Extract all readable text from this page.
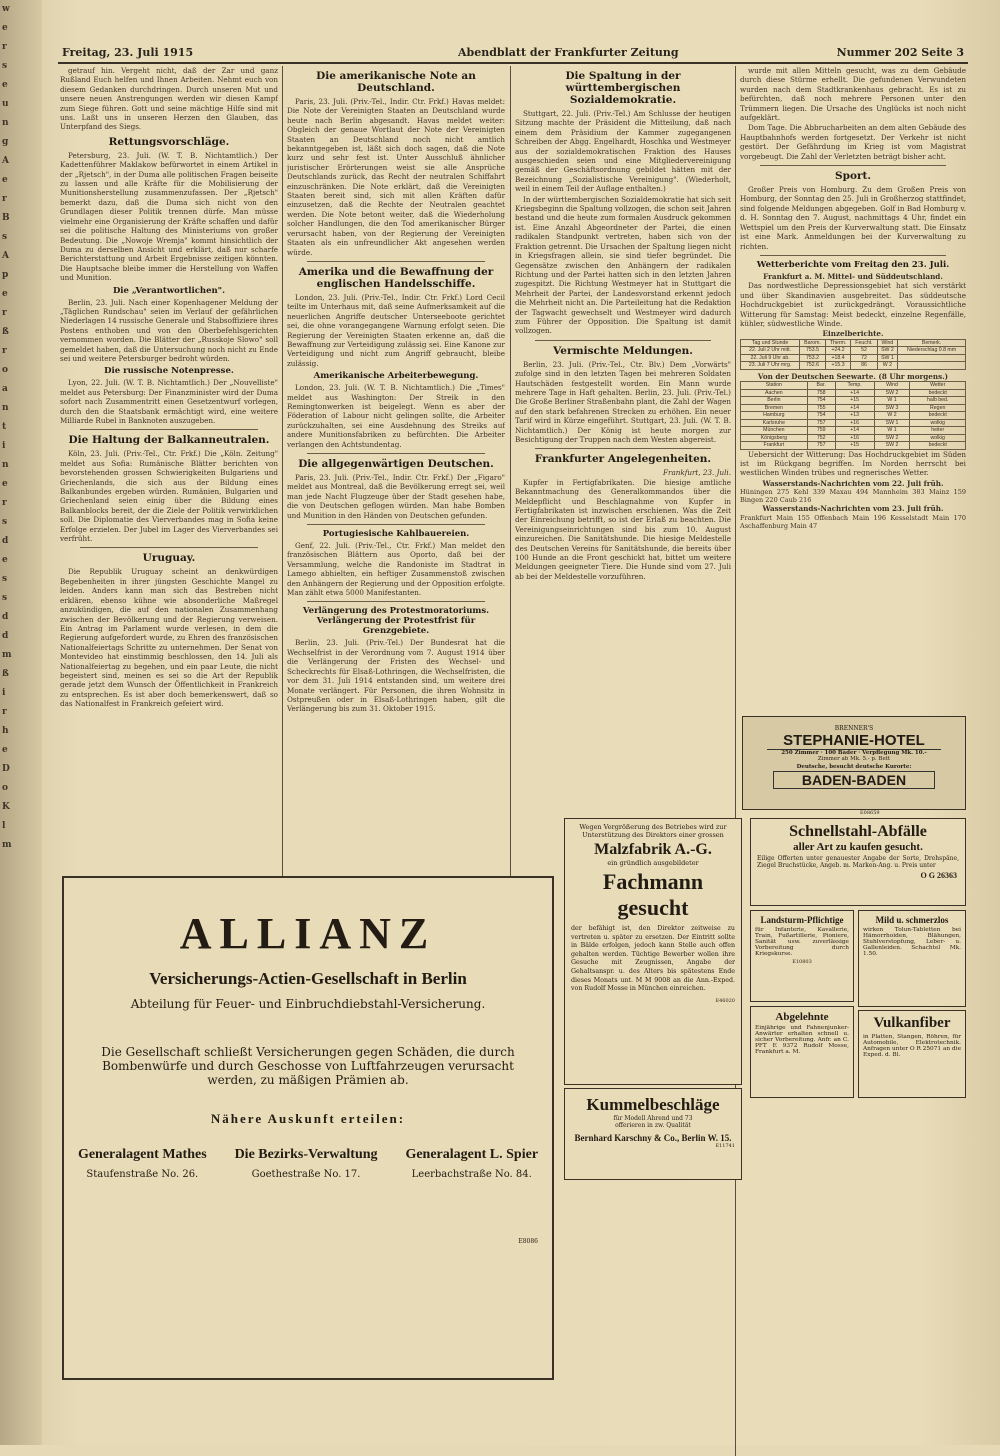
w
e
r
s
e
u
n
g
A
e
r
B
s
A
p
e
r
ß
r
o
a
n
t
i
n
e
r
s
d
e
s
s
d
d
m
ß
i
r
h
e
D
o
K
l
m
Freitag, 23. Juli 1915	Abendblatt der Frankfurter Zeitung	Nummer 202 Seite 3

getrauf hin. Vergeht nicht, daß der Zar und ganz Rußland Euch helfen und Ihnen Arbeiten. Nehmt euch von diesem Gedanken durchdringen. Durch unseren Mut und unsere neuen Anstrengungen werden wir diesen Kampf zum Siege führen. Gott und seine mächtige Hilfe sind mit uns. Laßt uns in unseren Herzen den Glauben, das Unterpfand des Siegs.

Rettungsvorschläge.

Petersburg, 23. Juli. (W. T. B. Nichtamtlich.) Der Kadettenführer Maklakow befürwortet in einem Artikel in der „Rjetsch", in der Duma alle politischen Fragen beiseite zu lassen und alle Kräfte für die Mobilisierung der Munitionsherstellung zusammenzufassen. Der „Rjetsch" bemerkt dazu, daß die Duma sich nicht von den Grundlagen dieser Politik trennen dürfe. Man müsse vielmehr eine Organisierung der Kräfte schaffen und dafür sei die politische Haltung des Ministeriums von großer Bedeutung. Die „Nowoje Wremja" kommt hinsichtlich der Duma zu derselben Ansicht und erklärt, daß nur scharfe Berichterstattung und Arbeit Ergebnisse zeitigen könnten. Die Hauptsache bleibe immer die Herstellung von Waffen und Munition.

Die „Verantwortlichen".

Berlin, 23. Juli. Nach einer Kopenhagener Meldung der „Täglichen Rundschau" seien im Verlauf der gefährlichen Niederlagen 14 russische Generale und Stabsoffiziere ihres Postens enthoben und von den Oberbefehlsgerichten vernommen worden. Die Blätter der „Russkoje Slowo" soll gemeldet haben, daß die Untersuchung noch nicht zu Ende sei und weitere Petersburger bedroht würden.

Die russische Notenpresse.

Lyon, 22. Juli. (W. T. B. Nichtamtlich.) Der „Nouvelliste" meldet aus Petersburg: Der Finanzminister wird der Duma sofort nach Zusammentritt einen Gesetzentwurf vorlegen, durch den die Staatsbank ermächtigt wird, eine weitere Milliarde Rubel in Banknoten auszugeben.

Die Haltung der Balkanneutralen.

Köln, 23. Juli. (Priv.-Tel., Ctr. Frkf.) Die „Köln. Zeitung" meldet aus Sofia: Rumänische Blätter berichten von bevorstehenden grossen Schwierigkeiten Bulgariens und Griechenlands, die sich aus der Bildung eines Balkanbundes ergeben würden. Rumänien, Bulgarien und Griechenland seien einig über die Bildung eines Balkanblocks bereit, der die Ziele der Politik verwirklichen soll. Die Diplomatie des Vierverbandes mag in Sofia keine Erfolge erzielen. Der Jubel im Lager des Vierverbandes sei verfrüht.

Uruguay.

Die Republik Uruguay scheint an denkwürdigen Begebenheiten in ihrer jüngsten Geschichte Mangel zu leiden. Anders kann man sich das Bestreben nicht erklären, ebenso kühne wie absonderliche Maßregel anzukündigen, die auf den nationalen Zusammenhang zwischen der Bevölkerung und der Regierung verweisen. Ein Antrag im Parlament wurde verlesen, in dem die Regierung aufgefordert wurde, zu Ehren des französischen Nationalfeiertags Schritte zu unternehmen. Der Senat von Montevideo hat einstimmig beschlossen, den 14. Juli als Nationalfeiertag zu begehen, und ein paar Leute, die nicht begeistert sind, meinen es sei so die Art der Republik gerade jetzt dem Wunsch der Öffentlichkeit in Frankreich zu entsprechen. Es ist aber doch bemerkenswert, daß so das Nationalfest in Frankreich gefeiert wird.

Die amerikanische Note an Deutschland.

Paris, 23. Juli. (Priv.-Tel., Indir. Ctr. Frkf.) Havas meldet: Die Note der Vereinigten Staaten an Deutschland wurde heute nach Berlin abgesandt. Havas meldet weiter: Obgleich der genaue Wortlaut der Note der Vereinigten Staaten an Deutschland noch nicht amtlich bekanntgegeben ist, läßt sich doch sagen, daß die Note kurz und sehr fest ist. Unter Ausschluß ähnlicher juristischer Erörterungen weist sie alle Ansprüche Deutschlands zurück, das Recht der neutralen Schiffahrt einzuschränken. Die Note erklärt, daß die Vereinigten Staaten bereit sind, sich mit allen Kräften dafür einzusetzen, daß die Rechte der Neutralen geachtet werden. Die Note betont weiter, daß die Wiederholung solcher Handlungen, die den Tod amerikanischer Bürger verursacht haben, von der Regierung der Vereinigten Staaten als ein unfreundlicher Akt angesehen werden würde.

Amerika und die Bewaffnung der englischen Handelsschiffe.

London, 23. Juli. (Priv.-Tel., Indir. Ctr. Frkf.) Lord Cecil teilte im Unterhaus mit, daß seine Aufmerksamkeit auf die neuerlichen Angriffe deutscher Unterseeboote gerichtet sei, die ohne vorangegangene Warnung erfolgt seien. Die Regierung der Vereinigten Staaten erkenne an, daß die Bewaffnung zur Verteidigung zulässig sei. Eine Kanone zur Verteidigung und nicht zum Angriff gebraucht, bleibe zulässig.

Amerikanische Arbeiterbewegung.

London, 23. Juli. (W. T. B. Nichtamtlich.) Die „Times" meldet aus Washington: Der Streik in den Remingtonwerken ist beigelegt. Wenn es aber der Föderation of Labour nicht gelingen sollte, die Arbeiter zurückzuhalten, sei eine Ausdehnung des Streiks auf andere Munitionsfabriken zu befürchten. Die Arbeiter verlangen den Achtstundentag.

Die allgegenwärtigen Deutschen.

Paris, 23. Juli. (Priv.-Tel., Indir. Ctr. Frkf.) Der „Figaro" meldet aus Montreal, daß die Bevölkerung erregt sei, weil man jede Nacht Flugzeuge über der Stadt gesehen habe, die von Deutschen geflogen würden. Man habe Bomben und Munition in den Händen von Deutschen gefunden.

Portugiesische Kahlbauereien.

Genf, 22. Juli. (Priv.-Tel., Ctr. Frkf.) Man meldet den französischen Blättern aus Oporto, daß bei der Versammlung, welche die Randoniste im Stadtrat in Lamego abhielten, ein heftiger Zusammenstoß zwischen den Anhängern der Regierung und der Opposition erfolgte. Man zählt etwa 5000 Manifestanten.

Verlängerung des Protestmoratoriums. Verlängerung der Protestfrist für Grenzgebiete.

Berlin, 23. Juli. (Priv.-Tel.) Der Bundesrat hat die Wechselfrist in der Verordnung vom 7. August 1914 über die Verlängerung der Fristen des Wechsel- und Scheckrechts für Elsaß-Lothringen, die Wechselfristen, die vor dem 31. Juli 1914 entstanden sind, um weitere drei Monate verlängert. Für Personen, die ihren Wohnsitz in Ostpreußen oder in Elsaß-Lothringen haben, gilt die Verlängerung bis zum 31. Oktober 1915.

Die Spaltung in der württembergischen Sozialdemokratie.

Stuttgart, 22. Juli. (Priv.-Tel.) Am Schlusse der heutigen Sitzung machte der Präsident die Mitteilung, daß nach einem dem Präsidium der Kammer zugegangenen Schreiben der Abgg. Engelhardt, Hoschka und Westmeyer aus der sozialdemokratischen Fraktion des Hauses ausgeschieden seien und eine Mitgliedervereinigung gemäß der Geschäftsordnung gebildet hätten mit der Bezeichnung „Sozialistische Vereinigung". (Wiederholt, weil in einem Teil der Auflage enthalten.)

In der württembergischen Sozialdemokratie hat sich seit Kriegsbeginn die Spaltung vollzogen, die schon seit Jahren bestand und die heute zum formalen Ausdruck gekommen ist. Eine Anzahl Abgeordneter der Partei, die einen radikalen Standpunkt vertreten, haben sich von der Fraktion getrennt. Die Ursachen der Spaltung liegen nicht in Kriegsfragen allein, sie sind tiefer begründet. Die Gegensätze zwischen den Anhängern der radikalen Richtung und der Partei hatten sich in den letzten Jahren zugespitzt. Die Richtung Westmeyer hat in Stuttgart die Mehrheit der Partei, der Landesvorstand erkennt jedoch die Mehrheit nicht an. Die Parteileitung hat die Redaktion der Tagwacht gewechselt und Westmeyer wird dadurch zum Führer der Opposition. Die Spaltung ist damit vollzogen.

Vermischte Meldungen.

Berlin, 23. Juli. (Priv.-Tel., Ctr. Blv.) Dem „Vorwärts" zufolge sind in den letzten Tagen bei mehreren Soldaten Hautschäden festgestellt worden. Ein Mann wurde mehrere Tage in Haft gehalten. Berlin, 23. Juli. (Priv.-Tel.) Die Große Berliner Straßenbahn plant, die Zahl der Wagen auf den stark befahrenen Strecken zu erhöhen. Ein neuer Tarif wird in Kürze eingeführt. Stuttgart, 23. Juli. (W. T. B. Nichtamtlich.) Der König ist heute morgen zur Besichtigung der Truppen nach dem Westen abgereist.

Frankfurter Angelegenheiten.
Frankfurt, 23. Juli.

Kupfer in Fertigfabrikaten. Die hiesige amtliche Bekanntmachung des Generalkommandos über die Meldepflicht und Beschlagnahme von Kupfer in Fertigfabrikaten ist inzwischen erschienen. Was die Zeit der Einreichung betrifft, so ist der Erlaß zu beachten. Die Vereinigungseinrichtungen sind bis zum 10. August einzureichen. Die Sanitätshunde. Die hiesige Meldestelle des Deutschen Vereins für Sanitätshunde, die bereits über 100 Hunde an die Front geschickt hat, bittet um weitere Meldungen geeigneter Tiere. Die Hunde sind vom 27. Juli ab bei der Meldestelle vorzuführen.

wurde mit allen Mitteln gesucht, was zu dem Gebäude durch diese Stürme erhellt. Die gefundenen Verwundeten wurden nach dem Stadtkrankenhaus gebracht. Es ist zu befürchten, daß noch mehrere Personen unter den Trümmern liegen. Die Ursache des Unglücks ist noch nicht aufgeklärt.

Dom Tage. Die Abbrucharbeiten an dem alten Gebäude des Hauptbahnhofs werden fortgesetzt. Der Verkehr ist nicht gestört. Der Gefährdung im Krieg ist vom Magistrat vorgebeugt. Die Zahl der Verletzten beträgt bisher acht.

Sport.

Großer Preis von Homburg. Zu dem Großen Preis von Homburg, der Sonntag den 25. Juli in Großherzog stattfindet, sind folgende Meldungen abgegeben. Golf in Bad Homburg v. d. H. Sonntag den 7. August, nachmittags 4 Uhr, findet ein Wettspiel um den Preis der Kurverwaltung statt. Die Einsatz ist eine Mark. Anmeldungen bei der Kurverwaltung zu richten.

Wetterberichte vom Freitag den 23. Juli.
Frankfurt a. M. Mittel- und Süddeutschland.

Das nordwestliche Depressionsgebiet hat sich verstärkt und über Skandinavien ausgebreitet. Das süddeutsche Hochdruckgebiet ist zurückgedrängt. Voraussichtliche Witterung für Samstag: Meist bedeckt, einzelne Regenfälle, kühler, südwestliche Winde.

Einzelberichte.
Tag und Stunde	Barom.	Therm.	Feucht.	Wind	Bemerk.
22. Juli 2 Uhr mitt.	753.5	+24.2	52	SW 2	Niederschlag 0.8 mm
22. Juli 9 Uhr ab.	753.2	+18.4	72	SW 1	
23. Juli 7 Uhr mrg.	752.6	+15.3	86	W 2	
Von der Deutschen Seewarte. (8 Uhr morgens.)
Station	Bar.	Temp.	Wind	Wetter
Aachen	758	+14	SW 2	bedeckt
Berlin	754	+15	W 1	halb bed.
Bremen	755	+14	SW 3	Regen
Hamburg	754	+13	W 2	bedeckt
Karlsruhe	757	+16	SW 1	wolkig
München	759	+14	W 1	heiter
Königsberg	752	+16	SW 2	wolkig
Frankfurt	757	+15	SW 2	bedeckt

Uebersicht der Witterung: Das Hochdruckgebiet im Süden ist im Rückgang begriffen. Im Norden herrscht bei westlichen Winden trübes und regnerisches Wetter.

Wasserstands-Nachrichten vom 22. Juli früh.
Hüningen 275 Kehl 339 Maxau 494 Mannheim 383 Mainz 159 Bingen 220 Caub 216
Wasserstands-Nachrichten vom 23. Juli früh.
Frankfurt Main 155 Offenbach Main 196 Kesselstadt Main 170 Aschaffenburg Main 47
BRENNER'S
STEPHANIE-HOTEL
250 Zimmer · 100 Bäder · Verpflegung Mk. 10.-
Zimmer ab Mk. 5.- p. Bett
Deutsche, besucht deutsche Kurorte:
BADEN-BADEN
E08659
ALLIANZ
Versicherungs-Actien-Gesellschaft in Berlin
Abteilung für Feuer- und Einbruchdiebstahl-Versicherung.
Die Gesellschaft schließt Versicherungen gegen Schäden, die durch Bombenwürfe und durch Geschosse von Luftfahrzeugen verursacht werden, zu mäßigen Prämien ab.
Nähere Auskunft erteilen:
Generalagent Mathes
Staufenstraße No. 26.
Die Bezirks-Verwaltung
Goethestraße No. 17.
Generalagent L. Spier
Leerbachstraße No. 84.
E8086
Wegen Vergrößerung des Betriebes wird zur Unterstützung des Direktors einer grossen
Malzfabrik A.-G.
ein gründlich ausgebildeter
Fachmann gesucht
der befähigt ist, den Direktor zeitweise zu vertreten u. später zu ersetzen. Der Eintritt sollte in Bälde erfolgen, jedoch kann Stelle auch offen gehalten werden. Tüchtige Bewerber wollen ihre Gesuche mit Zeugnissen, Angabe der Gehaltsanspr. u. des Alters bis spätestens Ende dieses Monats unt. M M 9008 an die Ann.-Exped. von Rudolf Mosse in München einreichen.
E46020
Kummelbeschläge
für Modell Ahrend und 73
offerieren in zw. Qualität
Bernhard Karschny & Co., Berlin W. 15.
E11741
Schnellstahl-Abfälle
aller Art zu kaufen gesucht.
Eilige Offerten unter genauester Angabe der Sorte, Drehspäne, Ziegel Bruchstücke, Angeb. m. Marken-Ang. u. Preis unter
O G 26363
Landsturm-Pflichtige
für Infanterie, Kavallerie, Train, Fußartillerie, Pioniere, Sanität usw. zuverlässige Vorbereitung durch Kriegskurse.
E10803
Mild u. schmerzlos
wirken Tolun-Tabletten bei Hämorrhoiden, Blähungen, Stuhlverstopfung, Leber- u. Gallenleiden. Schachtel Mk. 1.50.
Abgelehnte
Einjährige und Fahnenjunker-Anwärter erhalten schnell u. sicher Vorbereitung. Anfr. an C. PFT E 9372 Rudolf Mosse, Frankfurt a. M.
Vulkanfiber
in Platten, Stangen, Röhren, für Automobile, Elektrotechnik. Anfragen unter O R 25071 an die Exped. d. Bl.
